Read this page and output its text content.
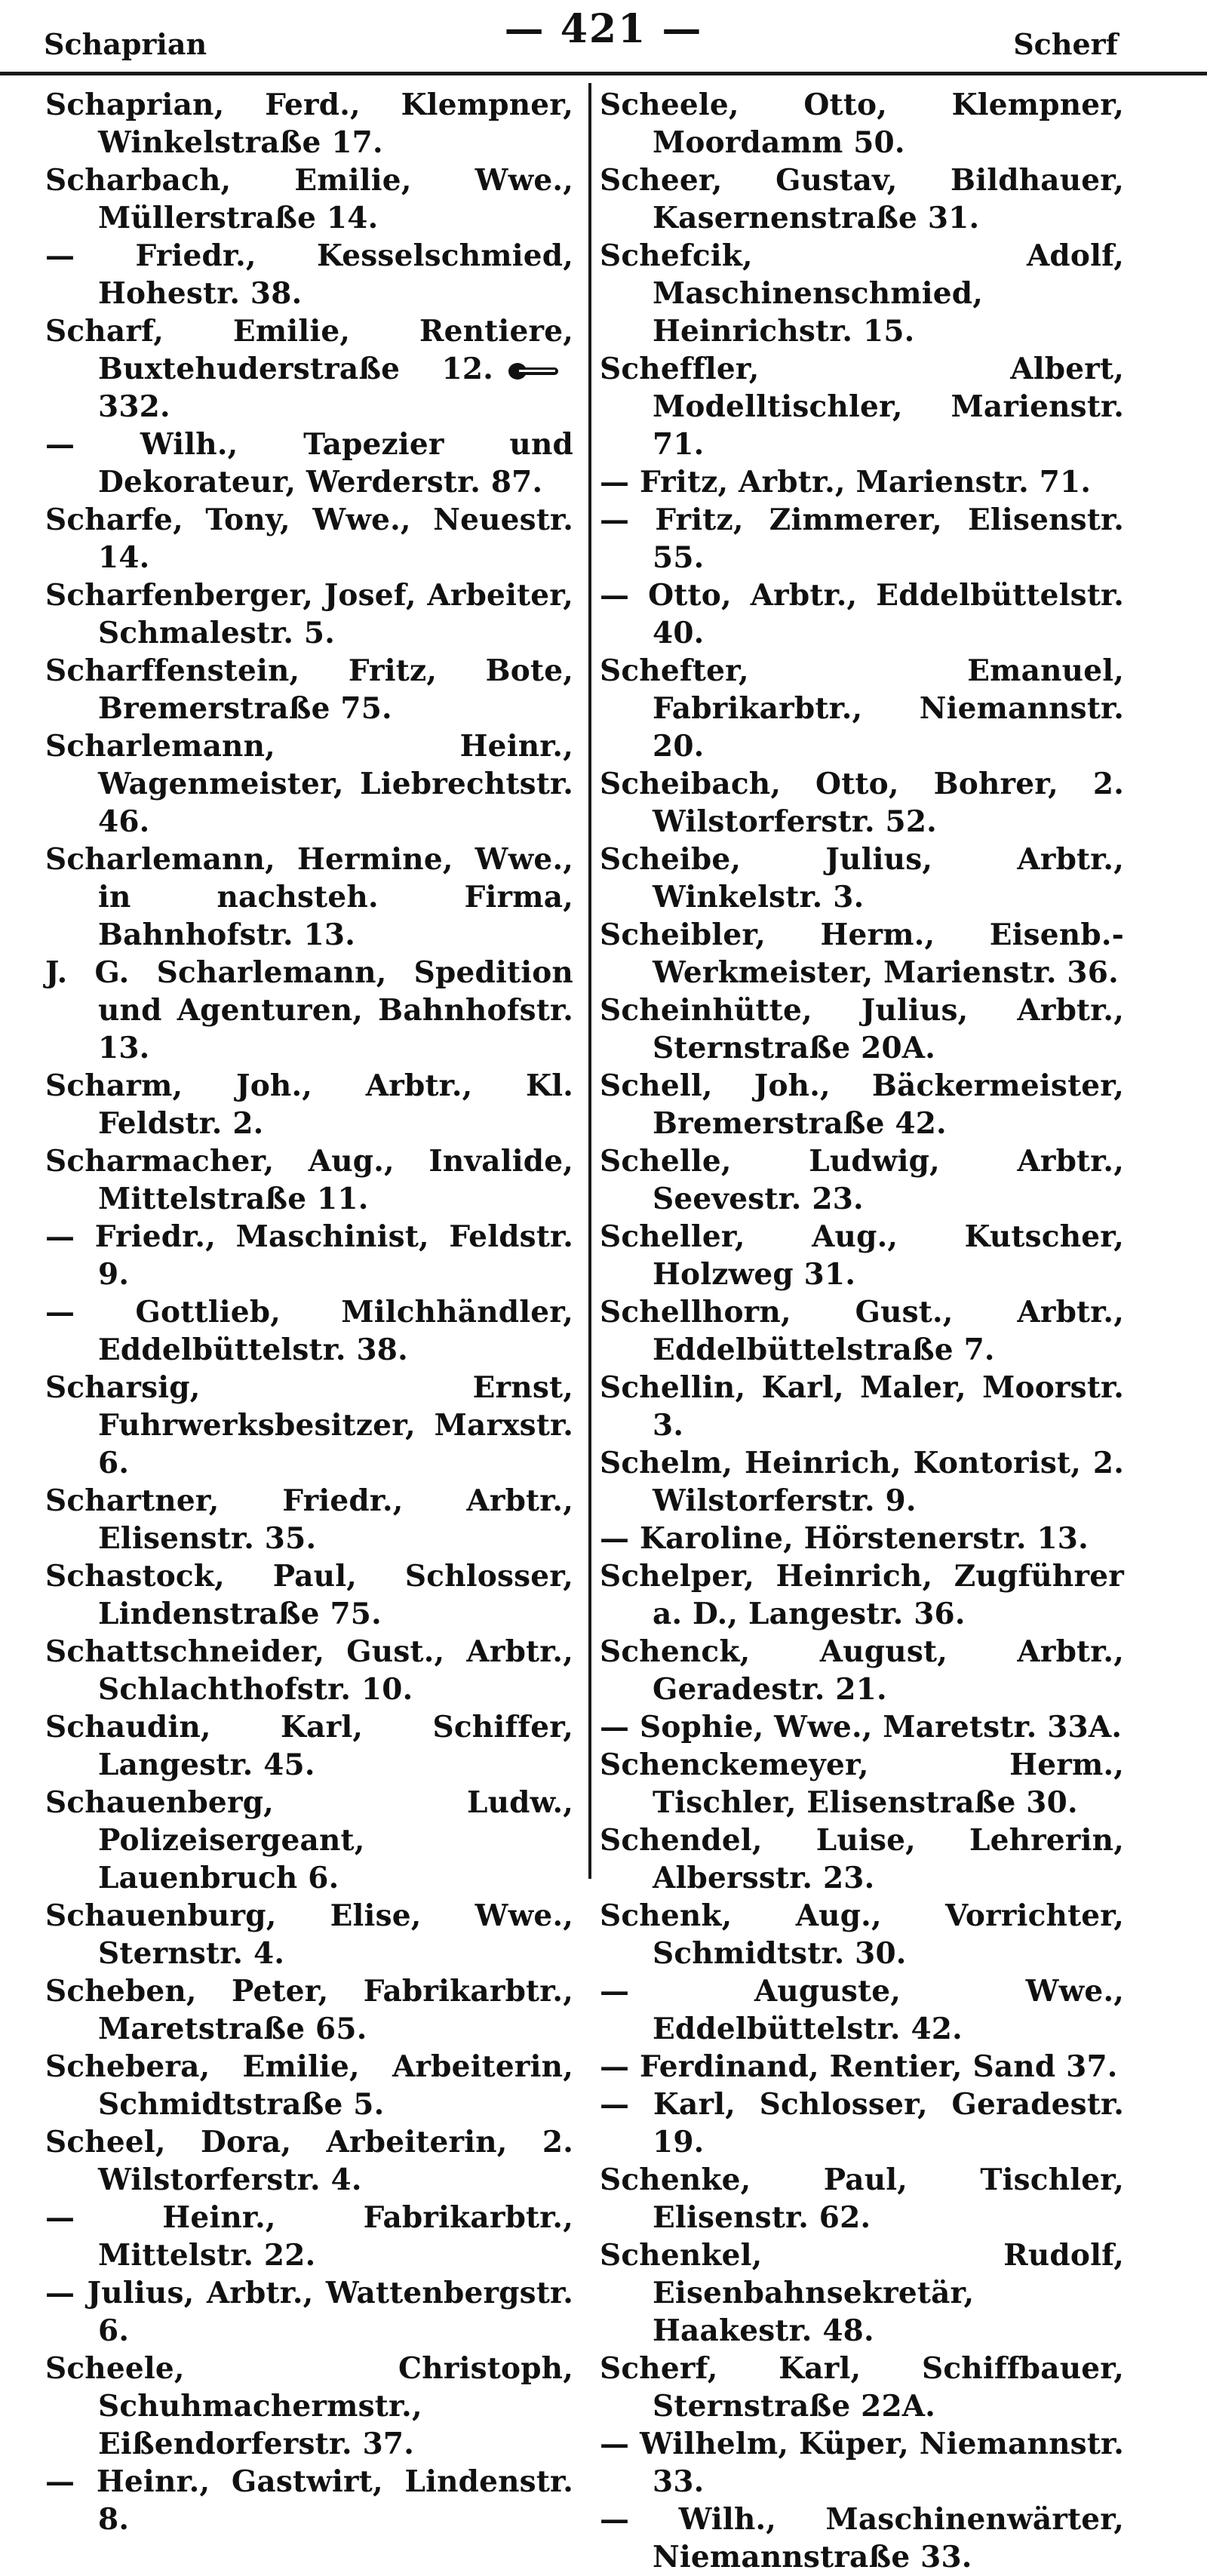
Schaprian	— 421 —	Scherf

Schaprian, Ferd., Klempner, Winkelstraße 17.

Scharbach, Emilie, Wwe., Müllerstraße 14.

— Friedr., Kesselschmied, Hohestr. 38.

Scharf, Emilie, Rentiere, Buxtehuderstraße 12.332.

— Wilh., Tapezier und Dekorateur, Werderstr. 87.

Scharfe, Tony, Wwe., Neuestr. 14.

Scharfenberger, Josef, Arbeiter, Schmalestr. 5.

Scharffenstein, Fritz, Bote, Bremerstraße 75.

Scharlemann, Heinr., Wagenmeister, Liebrechtstr. 46.

Scharlemann, Hermine, Wwe., in nachsteh. Firma, Bahnhofstr. 13.

J. G. Scharlemann, Spedition und Agenturen, Bahnhofstr. 13.

Scharm, Joh., Arbtr., Kl. Feldstr. 2.

Scharmacher, Aug., Invalide, Mittelstraße 11.

— Friedr., Maschinist, Feldstr. 9.

— Gottlieb, Milchhändler, Eddelbüttelstr. 38.

Scharsig, Ernst, Fuhrwerksbesitzer, Marxstr. 6.

Schartner, Friedr., Arbtr., Elisenstr. 35.

Schastock, Paul, Schlosser, Lindenstraße 75.

Schattschneider, Gust., Arbtr., Schlachthofstr. 10.

Schaudin, Karl, Schiffer, Langestr. 45.

Schauenberg, Ludw., Polizeisergeant, Lauenbruch 6.

Schauenburg, Elise, Wwe., Sternstr. 4.

Scheben, Peter, Fabrikarbtr., Maretstraße 65.

Schebera, Emilie, Arbeiterin, Schmidtstraße 5.

Scheel, Dora, Arbeiterin, 2. Wilstorferstr. 4.

— Heinr., Fabrikarbtr., Mittelstr. 22.

— Julius, Arbtr., Wattenbergstr. 6.

Scheele, Christoph, Schuhmachermstr., Eißendorferstr. 37.

— Heinr., Gastwirt, Lindenstr. 8.

Scheele, Otto, Klempner, Moordamm 50.

Scheer, Gustav, Bildhauer, Kasernenstraße 31.

Schefcik, Adolf, Maschinenschmied, Heinrichstr. 15.

Scheffler, Albert, Modelltischler, Marienstr. 71.

— Fritz, Arbtr., Marienstr. 71.

— Fritz, Zimmerer, Elisenstr. 55.

— Otto, Arbtr., Eddelbüttelstr. 40.

Schefter, Emanuel, Fabrikarbtr., Niemannstr. 20.

Scheibach, Otto, Bohrer, 2. Wilstorferstr. 52.

Scheibe, Julius, Arbtr., Winkelstr. 3.

Scheibler, Herm., Eisenb.-Werkmeister, Marienstr. 36.

Scheinhütte, Julius, Arbtr., Sternstraße 20A.

Schell, Joh., Bäckermeister, Bremerstraße 42.

Schelle, Ludwig, Arbtr., Seevestr. 23.

Scheller, Aug., Kutscher, Holzweg 31.

Schellhorn, Gust., Arbtr., Eddelbüttelstraße 7.

Schellin, Karl, Maler, Moorstr. 3.

Schelm, Heinrich, Kontorist, 2. Wilstorferstr. 9.

— Karoline, Hörstenerstr. 13.

Schelper, Heinrich, Zugführer a. D., Langestr. 36.

Schenck, August, Arbtr., Geradestr. 21.

— Sophie, Wwe., Maretstr. 33A.

Schenckemeyer, Herm., Tischler, Elisenstraße 30.

Schendel, Luise, Lehrerin, Albersstr. 23.

Schenk, Aug., Vorrichter, Schmidtstr. 30.

— Auguste, Wwe., Eddelbüttelstr. 42.

— Ferdinand, Rentier, Sand 37.

— Karl, Schlosser, Geradestr. 19.

Schenke, Paul, Tischler, Elisenstr. 62.

Schenkel, Rudolf, Eisenbahnsekretär, Haakestr. 48.

Scherf, Karl, Schiffbauer, Sternstraße 22A.

— Wilhelm, Küper, Niemannstr. 33.

— Wilh., Maschinenwärter, Niemannstraße 33.
